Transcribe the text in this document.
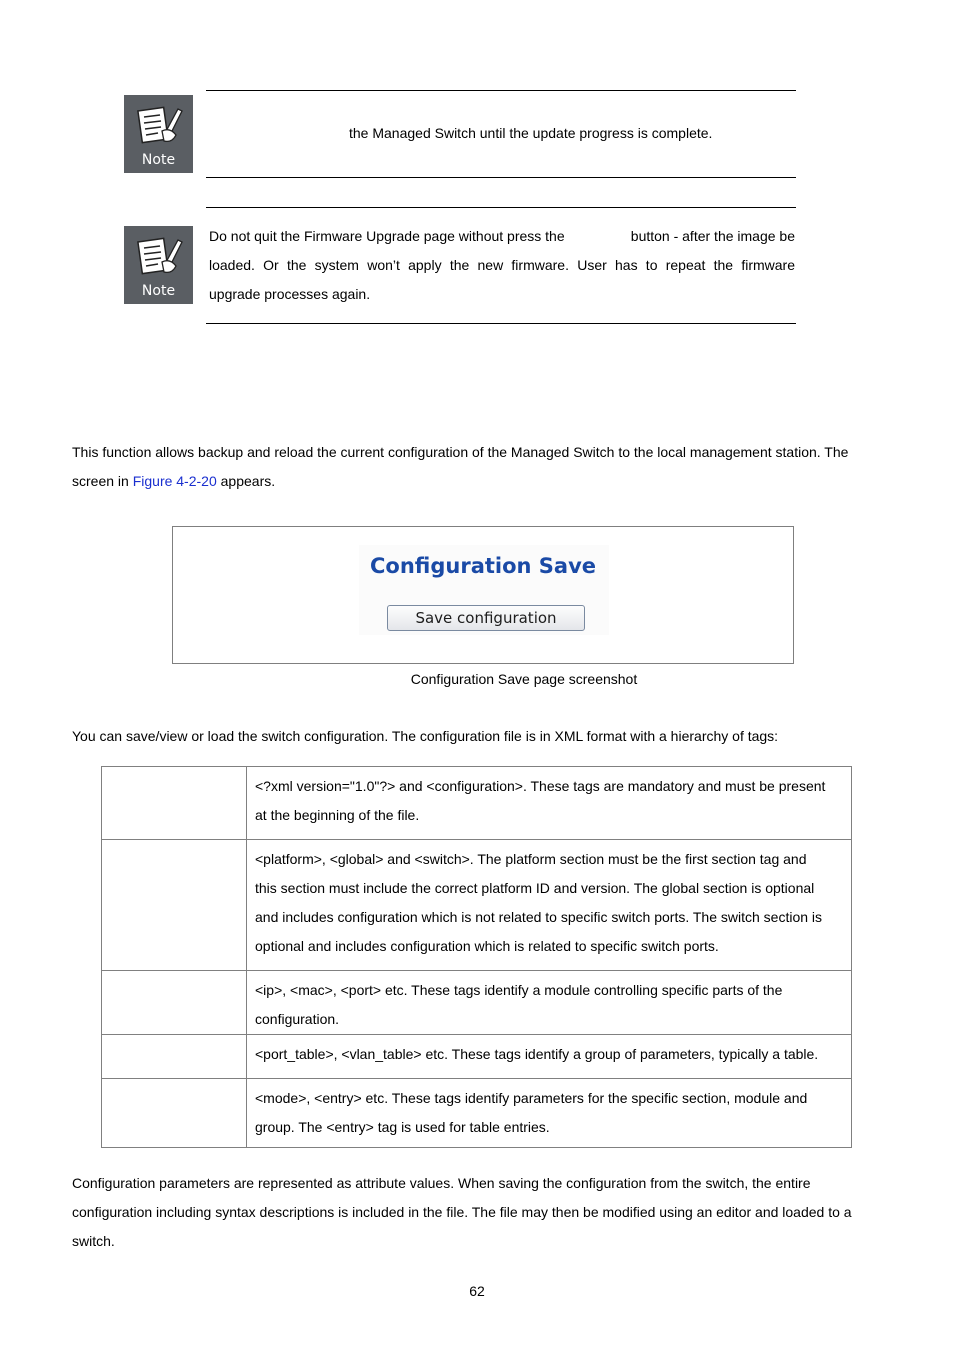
Note
the Managed Switch until the update progress is complete.
Note
Do not quit the Firmware Upgrade page without press the	button - after the image be
loaded. Or the system won’t apply the new firmware. User has to repeat the firmware
upgrade processes again.
This function allows backup and reload the current configuration of the Managed Switch to the local management station. The
screen in Figure 4-2-20 appears.
Configuration Save
Save configuration
Configuration Save page screenshot
You can save/view or load the switch configuration. The configuration file is in XML format with a hierarchy of tags:

	<?xml version="1.0"?> and <configuration>. These tags are mandatory and must be present
at the beginning of the file.

	<platform>, <global> and <switch>. The platform section must be the first section tag and
this section must include the correct platform ID and version. The global section is optional
and includes configuration which is not related to specific switch ports. The switch section is
optional and includes configuration which is related to specific switch ports.

	<ip>, <mac>, <port> etc. These tags identify a module controlling specific parts of the
configuration.

	<port_table>, <vlan_table> etc. These tags identify a group of parameters, typically a table.

	<mode>, <entry> etc. These tags identify parameters for the specific section, module and
group. The <entry> tag is used for table entries.
Configuration parameters are represented as attribute values. When saving the configuration from the switch, the entire
configuration including syntax descriptions is included in the file. The file may then be modified using an editor and loaded to a
switch.
62
